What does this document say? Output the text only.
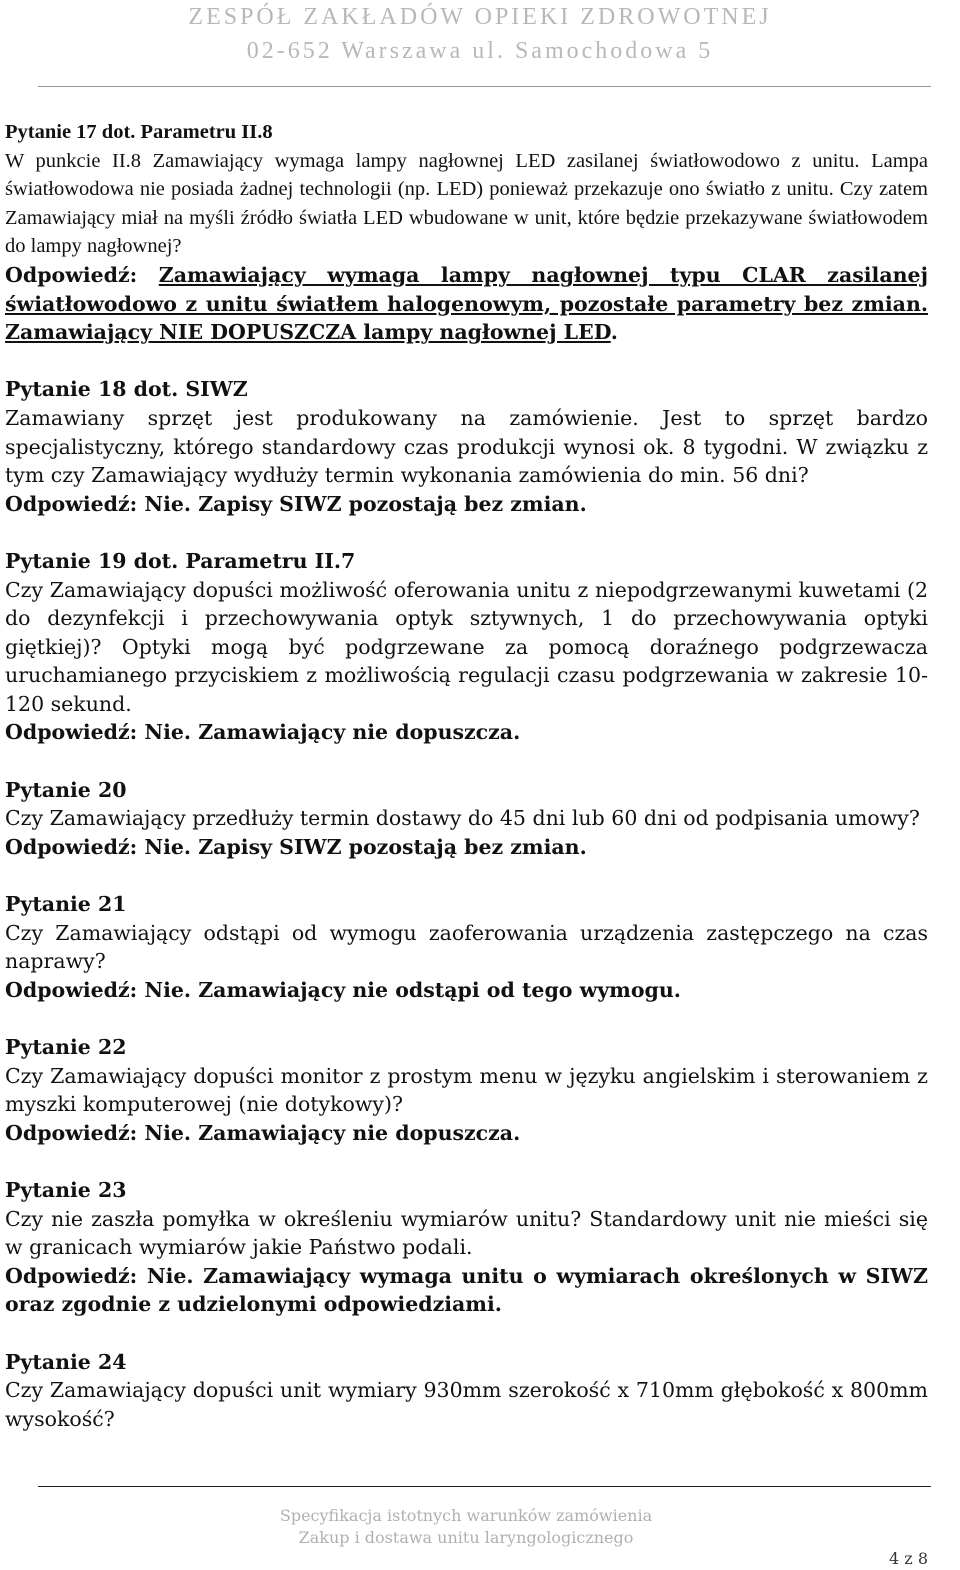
ZESPÓŁ ZAKŁADÓW OPIEKI ZDROWOTNEJ
02-652 Warszawa ul. Samochodowa 5

Pytanie 17 dot. Parametru II.8

W punkcie II.8 Zamawiający wymaga lampy nagłownej LED zasilanej światłowodowo z unitu. Lampa światłowodowa nie posiada żadnej technologii (np. LED) ponieważ przekazuje ono światło z unitu. Czy zatem Zamawiający miał na myśli źródło światła LED wbudowane w unit, które będzie przekazywane światłowodem do lampy nagłownej?

Odpowiedź: Zamawiający wymaga lampy nagłownej typu CLAR zasilanej światłowodowo z unitu światłem halogenowym, pozostałe parametry bez zmian. Zamawiający NIE DOPUSZCZA lampy nagłownej LED.

Pytanie 18 dot. SIWZ

Zamawiany sprzęt jest produkowany na zamówienie. Jest to sprzęt bardzo specjalistyczny, którego standardowy czas produkcji wynosi ok. 8 tygodni. W związku z tym czy Zamawiający wydłuży termin wykonania zamówienia do min. 56 dni?

Odpowiedź: Nie. Zapisy SIWZ pozostają bez zmian.

Pytanie 19 dot. Parametru II.7

Czy Zamawiający dopuści możliwość oferowania unitu z niepodgrzewanymi kuwetami (2 do dezynfekcji i przechowywania optyk sztywnych, 1 do przechowywania optyki giętkiej)? Optyki mogą być podgrzewane za pomocą doraźnego podgrzewacza uruchamianego przyciskiem z możliwością regulacji czasu podgrzewania w zakresie 10-120 sekund.

Odpowiedź: Nie. Zamawiający nie dopuszcza.

Pytanie 20

Czy Zamawiający przedłuży termin dostawy do 45 dni lub 60 dni od podpisania umowy?

Odpowiedź: Nie. Zapisy SIWZ pozostają bez zmian.

Pytanie 21

Czy Zamawiający odstąpi od wymogu zaoferowania urządzenia zastępczego na czas naprawy?

Odpowiedź: Nie. Zamawiający nie odstąpi od tego wymogu.

Pytanie 22

Czy Zamawiający dopuści monitor z prostym menu w języku angielskim i sterowaniem z myszki komputerowej (nie dotykowy)?

Odpowiedź: Nie. Zamawiający nie dopuszcza.

Pytanie 23

Czy nie zaszła pomyłka w określeniu wymiarów unitu? Standardowy unit nie mieści się w granicach wymiarów jakie Państwo podali.

Odpowiedź: Nie. Zamawiający wymaga unitu o wymiarach określonych w SIWZ oraz zgodnie z udzielonymi odpowiedziami.

Pytanie 24

Czy Zamawiający dopuści unit wymiary 930mm szerokość x 710mm głębokość x 800mm wysokość?

Specyfikacja istotnych warunków zamówienia
Zakup i dostawa unitu laryngologicznego
4 z 8
